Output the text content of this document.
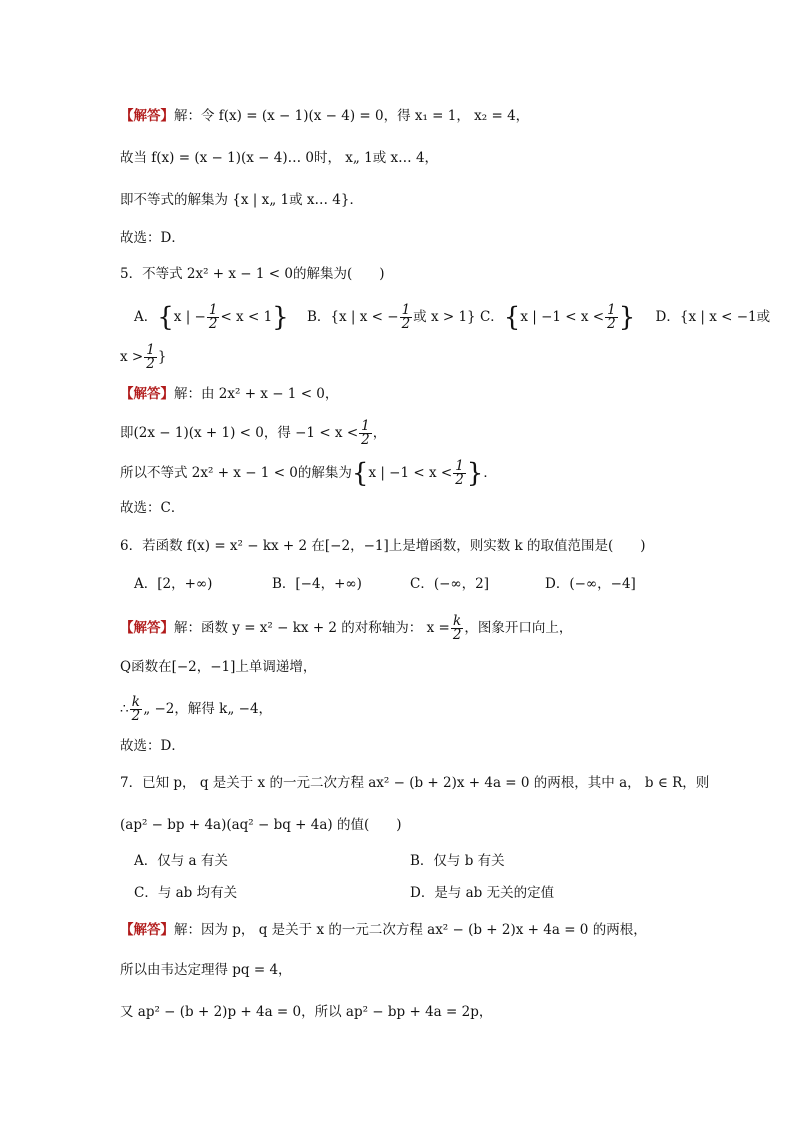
【解答】解：令 f(x) = (x − 1)(x − 4) = 0，得 x₁ = 1， x₂ = 4，
故当 f(x) = (x − 1)(x − 4)… 0时， x„ 1或 x… 4，
即不等式的解集为 {x | x„ 1或 x… 4}．
故选：D．
5．不等式 2x² + x − 1 < 0的解集为(　　)
A．{x | − $\frac{1}{2} < x < 1$} B．{x | x < − $\frac{1}{2}$ 或 x > 1} C．{x | $-1 < x < \frac{1}{2}$ } D．{x | x < −1或
$x > \frac{1}{2}$ }
【解答】解：由 2x² + x − 1 < 0，
即(2x − 1)(x + 1) < 0，得 $-1 < x < \frac{1}{2}$ ，
所以不等式 2x² + x − 1 < 0的解集为{x | $-1 < x < \frac{1}{2}$ }．
故选：C．
6．若函数 f(x) = x² − kx + 2 在[−2，−1]上是增函数，则实数 k 的取值范围是(　　)
A．[2，+∞)	B．[−4，+∞)	C．(−∞，2]	D．(−∞，−4]
【解答】解：函数 y = x² − kx + 2 的对称轴为： $x = \frac{k}{2}$ ，图象开口向上，
Q函数在[−2，−1]上单调递增，
∴ $\frac{k}{2}$ „ −2，解得 k„ −4，
故选：D．
7．已知 p， q 是关于 x 的一元二次方程 ax² − (b + 2)x + 4a = 0 的两根，其中 a， b ∈ R，则
(ap² − bp + 4a)(aq² − bq + 4a) 的值(　　)
A．仅与 a 有关	B．仅与 b 有关
C．与 ab 均有关	D．是与 ab 无关的定值
【解答】解：因为 p， q 是关于 x 的一元二次方程 ax² − (b + 2)x + 4a = 0 的两根，
所以由韦达定理得 pq = 4，
又 ap² − (b + 2)p + 4a = 0，所以 ap² − bp + 4a = 2p，
